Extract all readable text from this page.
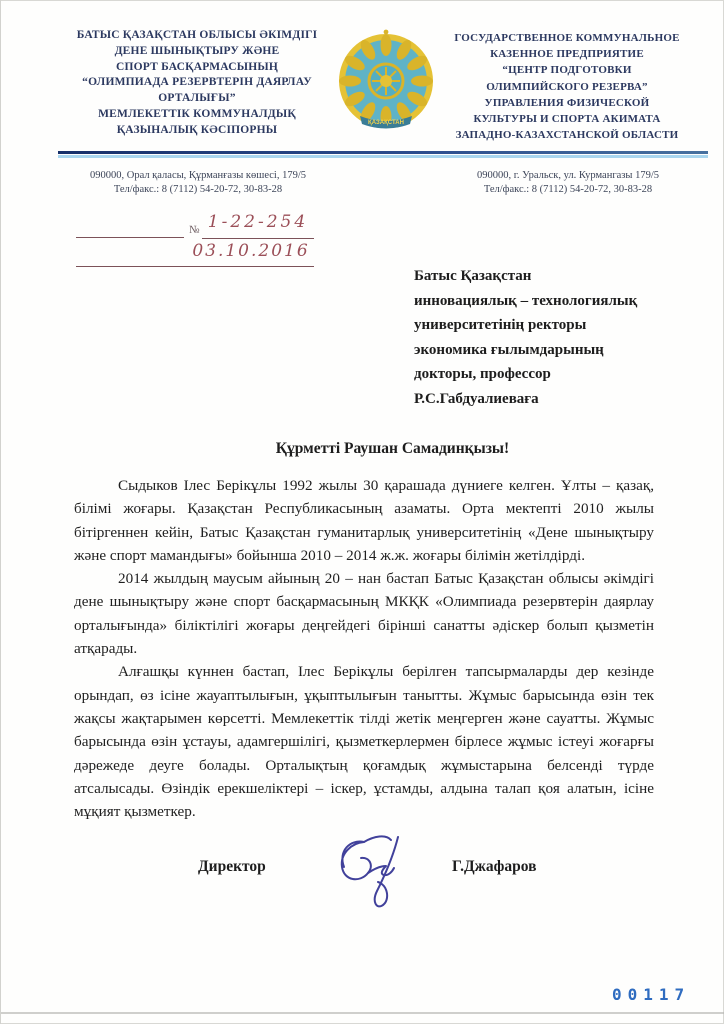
БАТЫС ҚАЗАҚСТАН ОБЛЫСЫ ӘКІМДІГІ
ДЕНЕ ШЫНЫҚТЫРУ ЖӘНЕ
СПОРТ БАСҚАРМАСЫНЫҢ
“ОЛИМПИАДА РЕЗЕРВТЕРІН ДАЯРЛАУ
ОРТАЛЫҒЫ”
МЕМЛЕКЕТТІК КОММУНАЛДЫҚ
ҚАЗЫНАЛЫҚ КӘСІПОРНЫ
ҚАЗАҚСТАН
ГОСУДАРСТВЕННОЕ КОММУНАЛЬНОЕ
КАЗЕННОЕ ПРЕДПРИЯТИЕ
“ЦЕНТР ПОДГОТОВКИ
ОЛИМПИЙСКОГО РЕЗЕРВА”
УПРАВЛЕНИЯ ФИЗИЧЕСКОЙ
КУЛЬТУРЫ И СПОРТА АКИМАТА
ЗАПАДНО-КАЗАХСТАНСКОЙ ОБЛАСТИ
090000, Орал қаласы, Құрманғазы көшесі, 179/5
Тел/факс.: 8 (7112) 54-20-72, 30-83-28
090000, г. Уральск, ул. Курмангазы 179/5
Тел/факс.: 8 (7112) 54-20-72, 30-83-28
№ 1-22-254
03.10.2016
Батыс Қазақстан
инновациялық – технологиялық
университетінің ректоры
экономика ғылымдарының
докторы, профессор
Р.С.Габдуалиеваға
Құрметті Раушан Самадинқызы!

Сыдыков Ілес Берікұлы 1992 жылы 30 қарашада дүниеге келген. Ұлты – қазақ, білімі жоғары. Қазақстан Республикасының азаматы. Орта мектепті 2010 жылы бітіргеннен кейін, Батыс Қазақстан гуманитарлық университетінің «Дене шынықтыру және спорт мамандығы» бойынша 2010 – 2014 ж.ж. жоғары білімін жетілдірді.

2014 жылдың маусым айының 20 – нан бастап Батыс Қазақстан облысы әкімдігі дене шынықтыру және спорт басқармасының МКҚК «Олимпиада резервтерін даярлау орталығында» біліктілігі жоғары деңгейдегі бірінші санатты әдіскер болып қызметін атқарады.

Алғашқы күннен бастап, Ілес Берікұлы берілген тапсырмаларды дер кезінде орындап, өз ісіне жауаптылығын, ұқыптылығын танытты. Жұмыс барысында өзін тек жақсы жақтарымен көрсетті. Мемлекеттік тілді жетік меңгерген және сауатты. Жұмыс барысында өзін ұстауы, адамгершілігі, қызметкерлермен бірлесе жұмыс істеуі жоғарғы дәрежеде деуге болады. Орталықтың қоғамдық жұмыстарына белсенді түрде атсалысады. Өзіндік ерекшеліктері – іскер, ұстамды, алдына талап қоя алатын, ісіне мұқият қызметкер.

Директор	Г.Джафаров
00117
